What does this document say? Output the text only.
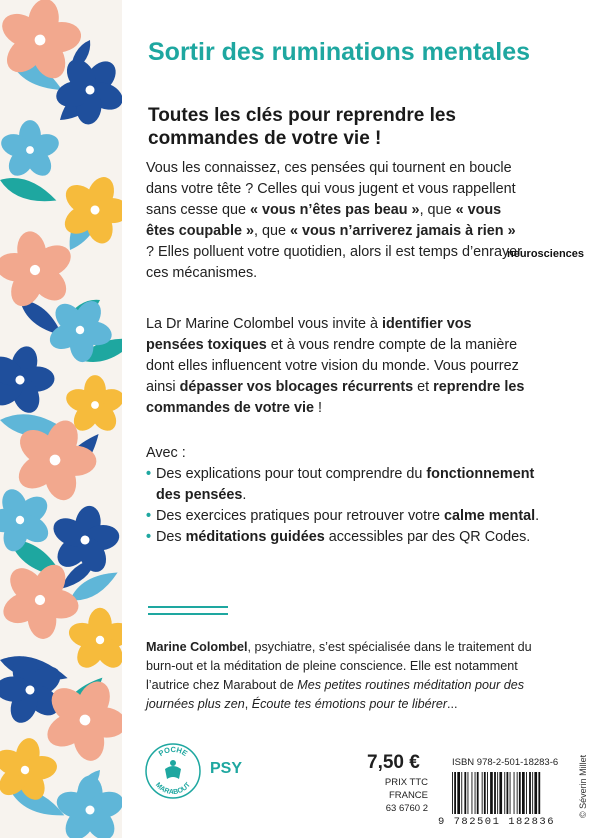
Sortir des ruminations mentales
Toutes les clés pour reprendre les commandes de votre vie !

Vous les connaissez, ces pensées qui tournent en boucle dans votre tête ? Celles qui vous jugent et vous rappellent sans cesse que « vous n’êtes pas beau », que « vous êtes coupable », que « vous n’arriverez jamais à rien » ? Elles polluent votre quotidien, alors il est temps d’enrayer ces mécanismes.

neurosciences

La Dr Marine Colombel vous invite à identifier vos pensées toxiques et à vous rendre compte de la manière dont elles influencent votre vision du monde. Vous pourrez ainsi dépasser vos blocages récurrents et reprendre les commandes de votre vie !

Avec :

• Des explications pour tout comprendre du fonctionnement des pensées.
• Des exercices pratiques pour retrouver votre calme mental.
• Des méditations guidées accessibles par des QR Codes.

Marine Colombel, psychiatre, s’est spécialisée dans le traitement du burn-out et la méditation de pleine conscience. Elle est notamment l’autrice chez Marabout de Mes petites routines méditation pour des journées plus zen, Écoute tes émotions pour te libérer...

POCHE
MARABOUT
PSY	7,50 €
PRIX TTC FRANCE
63 6760 2
ISBN 978-2-501-18283-6
9 782501 182836
© Séverin Millet
